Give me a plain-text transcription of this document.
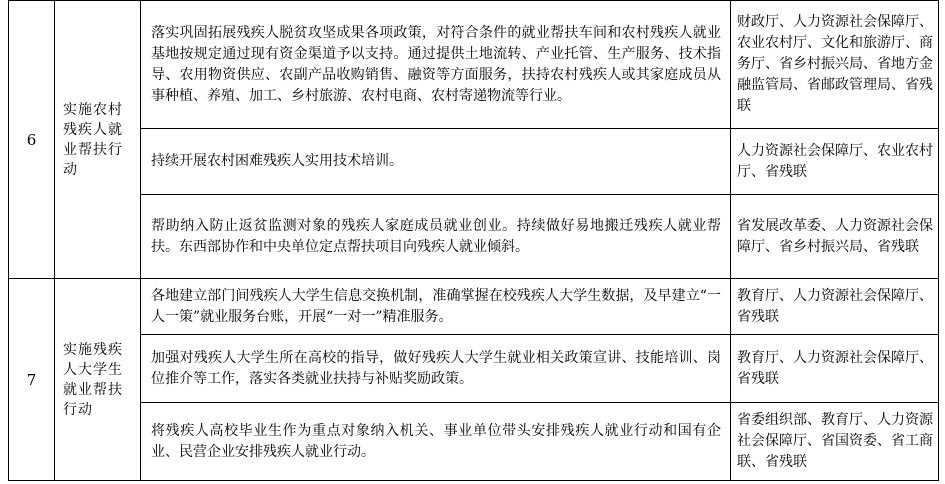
6	实施农村残疾人就业帮扶行动	落实巩固拓展残疾人脱贫攻坚成果各项政策，对符合条件的就业帮扶车间和农村残疾人就业基地按规定通过现有资金渠道予以支持。通过提供土地流转、产业托管、生产服务、技术指导、农用物资供应、农副产品收购销售、融资等方面服务，扶持农村残疾人或其家庭成员从事种植、养殖、加工、乡村旅游、农村电商、农村寄递物流等行业。	财政厅、人力资源社会保障厅、农业农村厅、文化和旅游厅、商务厅、省乡村振兴局、省地方金融监管局、省邮政管理局、省残联

		持续开展农村困难残疾人实用技术培训。	人力资源社会保障厅、农业农村厅、省残联

		帮助纳入防止返贫监测对象的残疾人家庭成员就业创业。持续做好易地搬迁残疾人就业帮扶。东西部协作和中央单位定点帮扶项目向残疾人就业倾斜。	省发展改革委、人力资源社会保障厅、省乡村振兴局、省残联

7	实施残疾人大学生就业帮扶行动	各地建立部门间残疾人大学生信息交换机制，准确掌握在校残疾人大学生数据，及早建立“一人一策”就业服务台账，开展“一对一”精准服务。	教育厅、人力资源社会保障厅、省残联

		加强对残疾人大学生所在高校的指导，做好残疾人大学生就业相关政策宣讲、技能培训、岗位推介等工作，落实各类就业扶持与补贴奖励政策。	教育厅、人力资源社会保障厅、省残联

		将残疾人高校毕业生作为重点对象纳入机关、事业单位带头安排残疾人就业行动和国有企业、民营企业安排残疾人就业行动。	省委组织部、教育厅、人力资源社会保障厅、省国资委、省工商联、省残联
